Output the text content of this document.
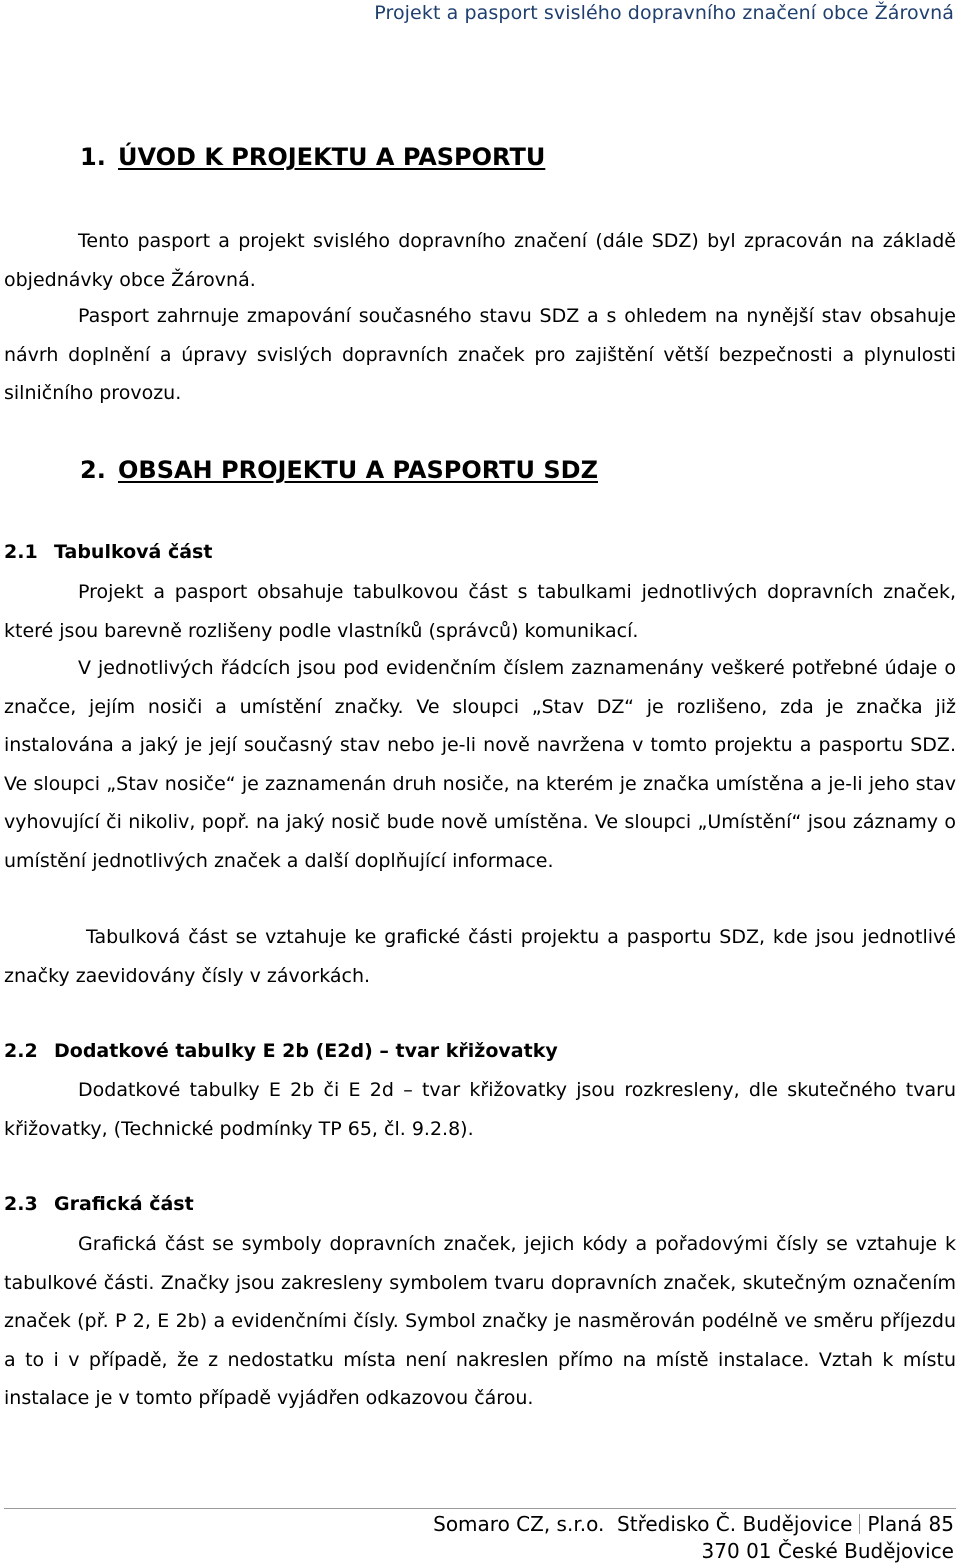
Projekt a pasport svislého dopravního značení obce Žárovná
1. ÚVOD K PROJEKTU A PASPORTU

Tento pasport a projekt svislého dopravního značení (dále SDZ) byl zpracován na základě objednávky obce Žárovná.

Pasport zahrnuje zmapování současného stavu SDZ a s ohledem na nynější stav obsahuje návrh doplnění a úpravy svislých dopravních značek pro zajištění větší bezpečnosti a plynulosti silničního provozu.

2. OBSAH PROJEKTU A PASPORTU SDZ
2.1 Tabulková část

Projekt a pasport obsahuje tabulkovou část s tabulkami jednotlivých dopravních značek, které jsou barevně rozlišeny podle vlastníků (správců) komunikací.

V jednotlivých řádcích jsou pod evidenčním číslem zaznamenány veškeré potřebné údaje o značce, jejím nosiči a umístění značky. Ve sloupci „Stav DZ“ je rozlišeno, zda je značka již instalována a jaký je její současný stav nebo je-li nově navržena v tomto projektu a pasportu SDZ. Ve sloupci „Stav nosiče“ je zaznamenán druh nosiče, na kterém je značka umístěna a je-li jeho stav vyhovující či nikoliv, popř. na jaký nosič bude nově umístěna. Ve sloupci „Umístění“ jsou záznamy o umístění jednotlivých značek a další doplňující informace.

Tabulková část se vztahuje ke grafické části projektu a pasportu SDZ, kde jsou jednotlivé značky zaevidovány čísly v závorkách.

2.2 Dodatkové tabulky E 2b (E2d) – tvar křižovatky

Dodatkové tabulky E 2b či E 2d – tvar křižovatky jsou rozkresleny, dle skutečného tvaru křižovatky, (Technické podmínky TP 65, čl. 9.2.8).

2.3 Grafická část

Grafická část se symboly dopravních značek, jejich kódy a pořadovými čísly se vztahuje k tabulkové části. Značky jsou zakresleny symbolem tvaru dopravních značek, skutečným označením značek (př. P 2, E 2b) a evidenčními čísly. Symbol značky je nasměrován podélně ve směru příjezdu a to i v případě, že z nedostatku místa není nakreslen přímo na místě instalace. Vztah k místu instalace je v tomto případě vyjádřen odkazovou čárou.

Somaro CZ, s.r.o. Středisko Č. Budějovice Planá 85
370 01 České Budějovice
